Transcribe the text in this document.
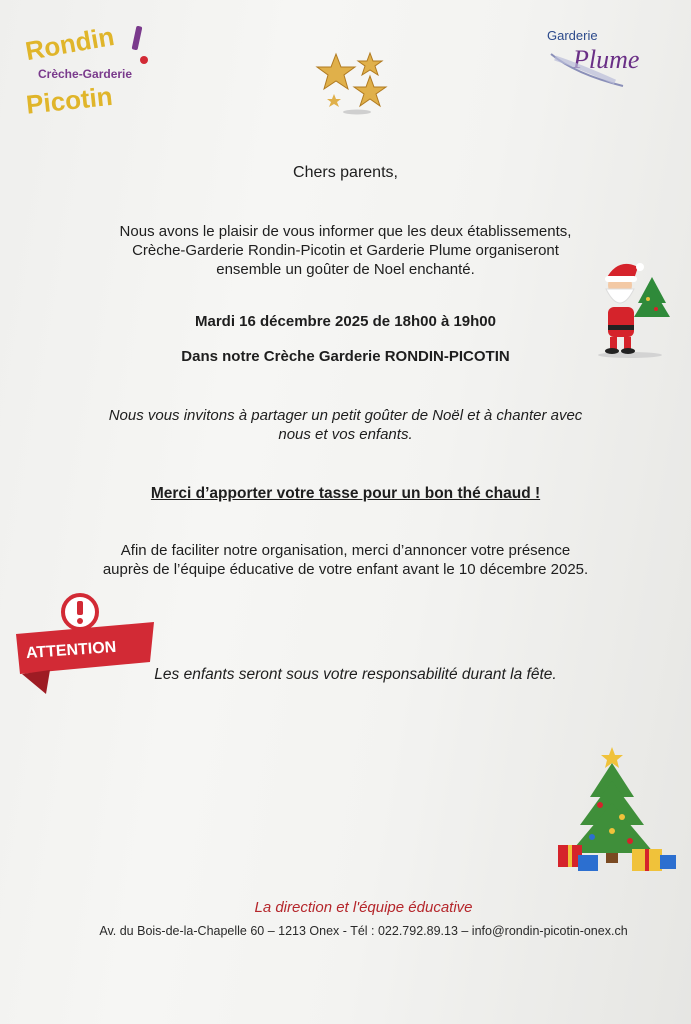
Rondin
Crèche-Garderie
Picotin
Garderie
Plume
Chers parents,
Nous avons le plaisir de vous informer que les deux établissements,
Crèche-Garderie Rondin-Picotin et Garderie Plume organiseront
ensemble un goûter de Noel enchanté.
Mardi 16 décembre 2025 de 18h00 à 19h00
Dans notre Crèche Garderie RONDIN-PICOTIN
Nous vous invitons à partager un petit goûter de Noël et à chanter avec
nous et vos enfants.
Merci d’apporter votre tasse pour un bon thé chaud !
Afin de faciliter notre organisation, merci d’annoncer votre présence
auprès de l’équipe éducative de votre enfant avant le 10 décembre 2025.
ATTENTION
Les enfants seront sous votre responsabilité durant la fête.
La direction et l'équipe éducative
Av. du Bois-de-la-Chapelle 60 – 1213 Onex - Tél : 022.792.89.13 – info@rondin-picotin-onex.ch
